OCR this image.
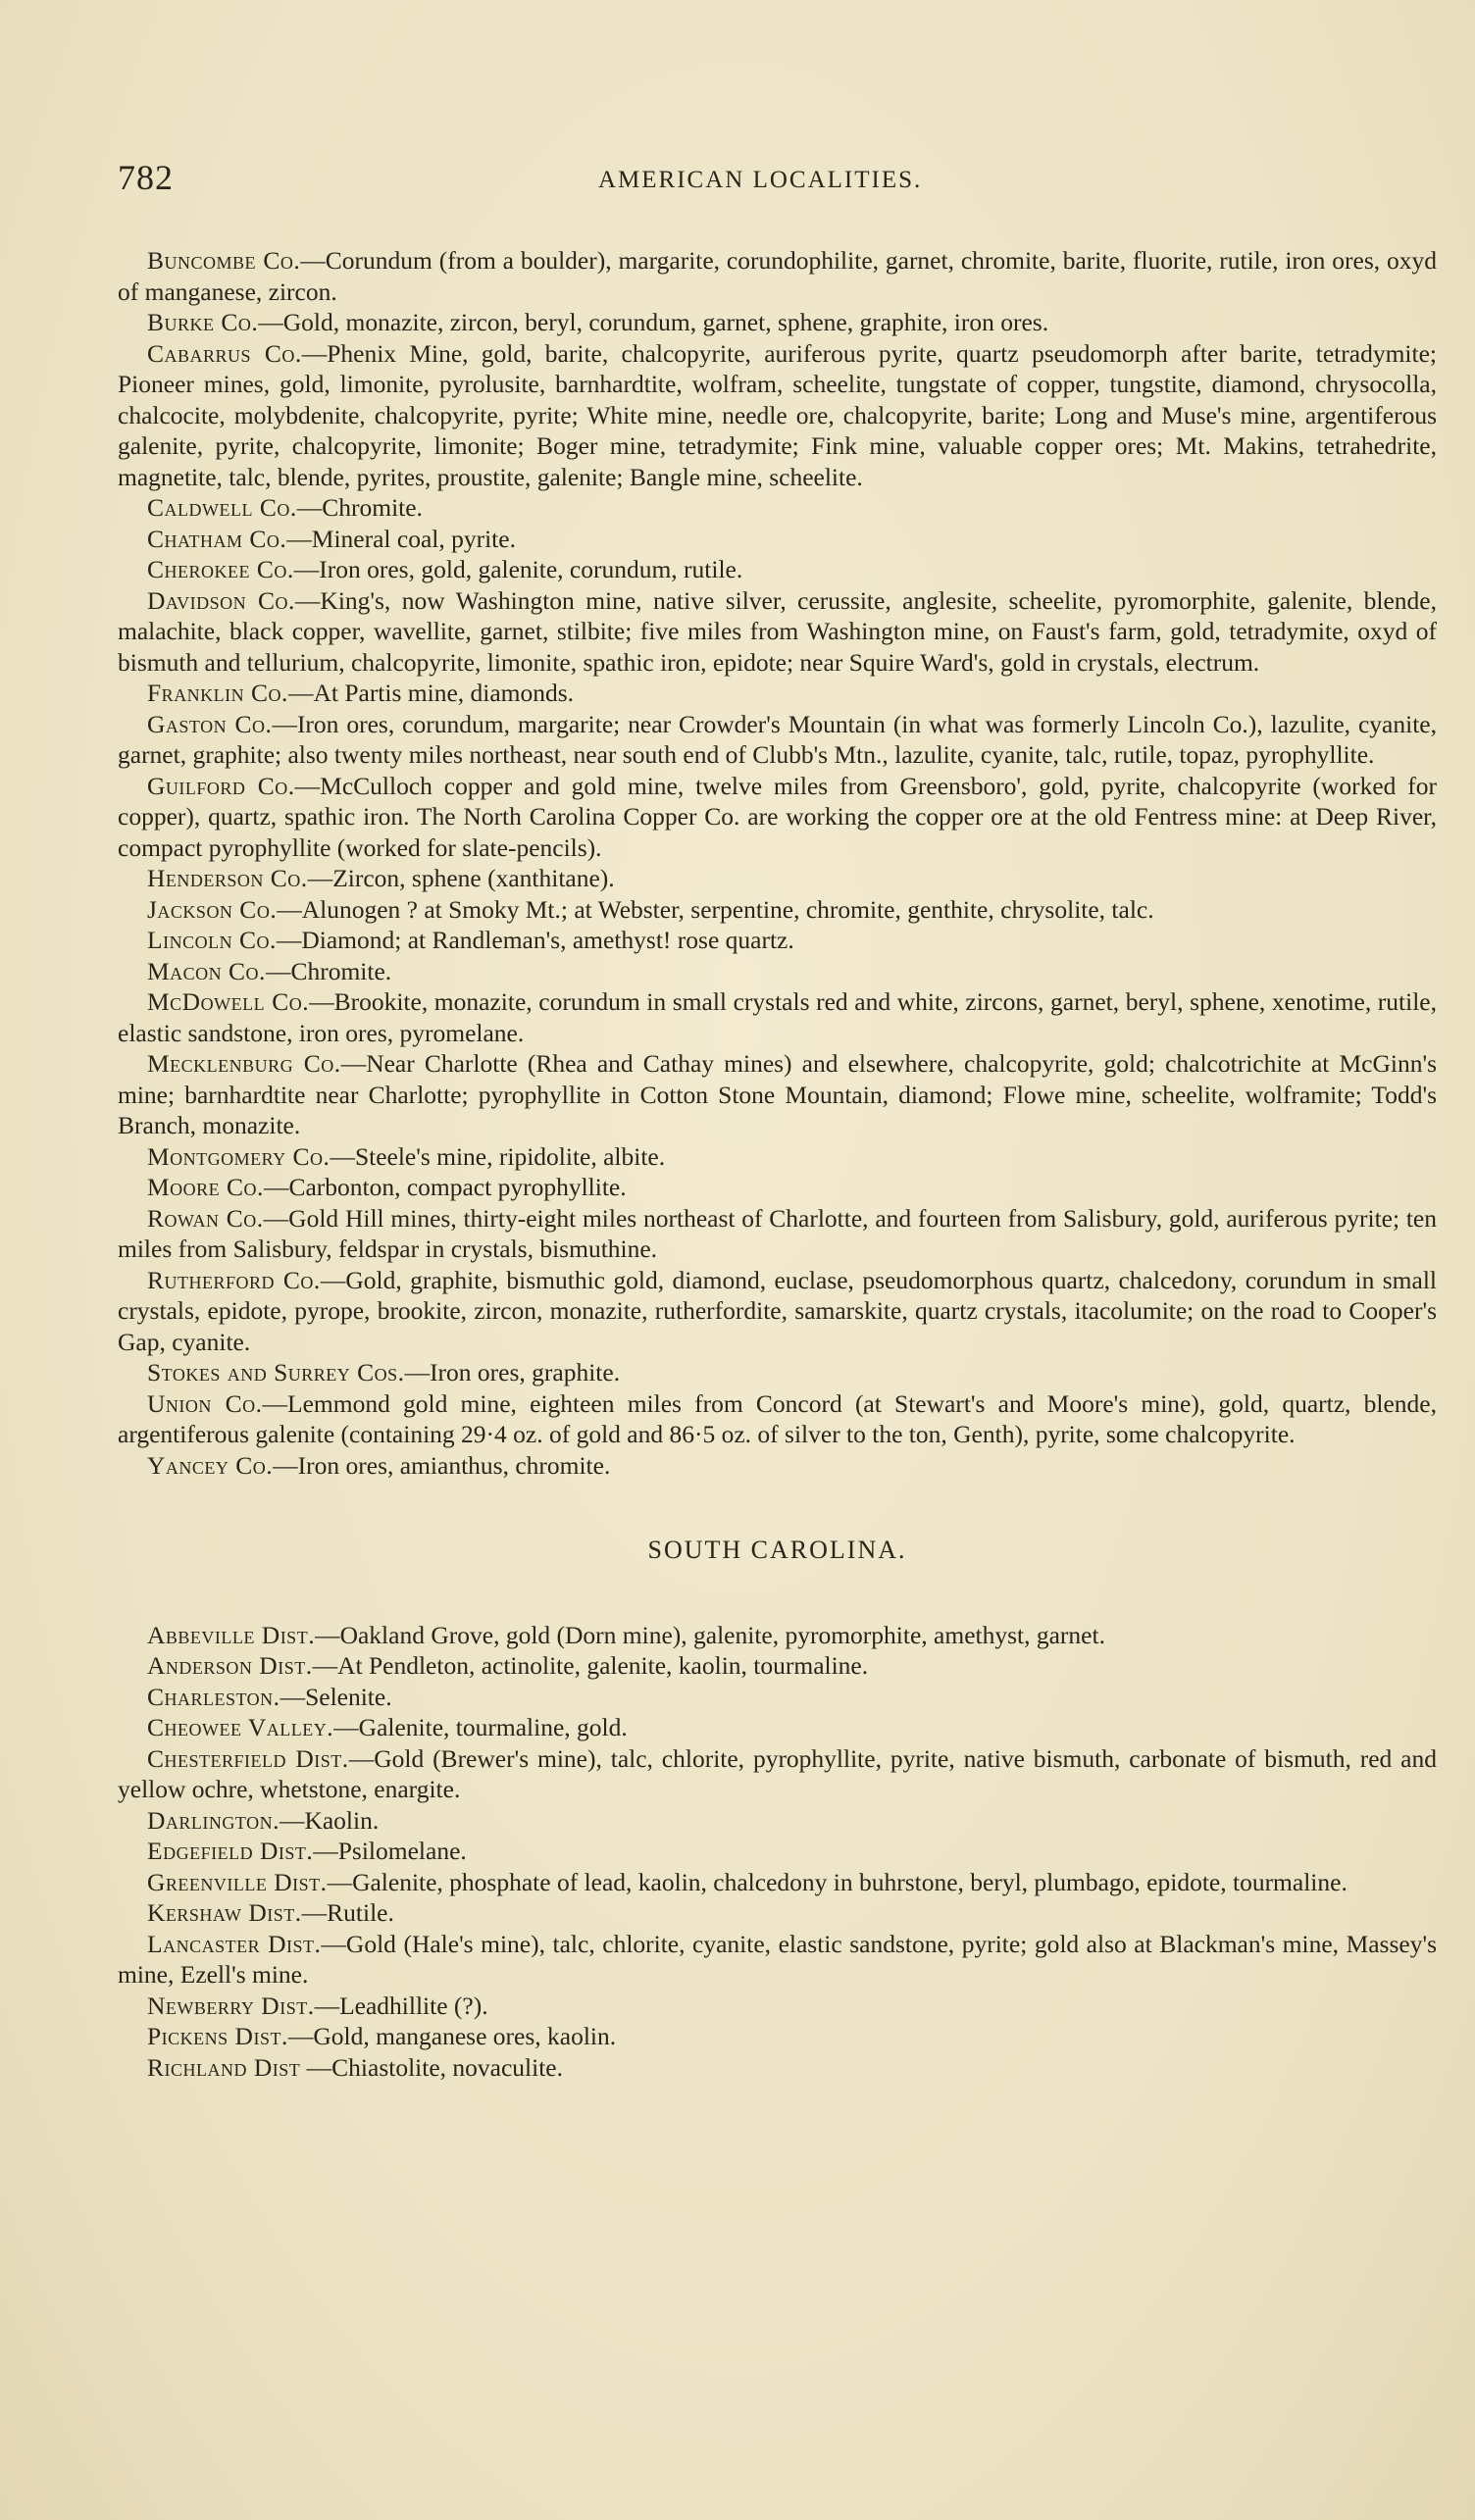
782	AMERICAN LOCALITIES.

Buncombe Co.—Corundum (from a boulder), margarite, corundophilite, garnet, chromite, barite, fluorite, rutile, iron ores, oxyd of manganese, zircon.

Burke Co.—Gold, monazite, zircon, beryl, corundum, garnet, sphene, graphite, iron ores.

Cabarrus Co.—Phenix Mine, gold, barite, chalcopyrite, auriferous pyrite, quartz pseudomorph after barite, tetradymite; Pioneer mines, gold, limonite, pyrolusite, barnhardtite, wolfram, scheelite, tungstate of copper, tungstite, diamond, chrysocolla, chalcocite, molybdenite, chalcopyrite, pyrite; White mine, needle ore, chalcopyrite, barite; Long and Muse's mine, argentiferous galenite, pyrite, chalcopyrite, limonite; Boger mine, tetradymite; Fink mine, valuable copper ores; Mt. Makins, tetrahedrite, magnetite, talc, blende, pyrites, proustite, galenite; Bangle mine, scheelite.

Caldwell Co.—Chromite.

Chatham Co.—Mineral coal, pyrite.

Cherokee Co.—Iron ores, gold, galenite, corundum, rutile.

Davidson Co.—King's, now Washington mine, native silver, cerussite, anglesite, scheelite, pyromorphite, galenite, blende, malachite, black copper, wavellite, garnet, stilbite; five miles from Washington mine, on Faust's farm, gold, tetradymite, oxyd of bismuth and tellurium, chalcopyrite, limonite, spathic iron, epidote; near Squire Ward's, gold in crystals, electrum.

Franklin Co.—At Partis mine, diamonds.

Gaston Co.—Iron ores, corundum, margarite; near Crowder's Mountain (in what was formerly Lincoln Co.), lazulite, cyanite, garnet, graphite; also twenty miles northeast, near south end of Clubb's Mtn., lazulite, cyanite, talc, rutile, topaz, pyrophyllite.

Guilford Co.—McCulloch copper and gold mine, twelve miles from Greensboro', gold, pyrite, chalcopyrite (worked for copper), quartz, spathic iron. The North Carolina Copper Co. are working the copper ore at the old Fentress mine: at Deep River, compact pyrophyllite (worked for slate-pencils).

Henderson Co.—Zircon, sphene (xanthitane).

Jackson Co.—Alunogen ? at Smoky Mt.; at Webster, serpentine, chromite, genthite, chrysolite, talc.

Lincoln Co.—Diamond; at Randleman's, amethyst! rose quartz.

Macon Co.—Chromite.

McDowell Co.—Brookite, monazite, corundum in small crystals red and white, zircons, garnet, beryl, sphene, xenotime, rutile, elastic sandstone, iron ores, pyromelane.

Mecklenburg Co.—Near Charlotte (Rhea and Cathay mines) and elsewhere, chalcopyrite, gold; chalcotrichite at McGinn's mine; barnhardtite near Charlotte; pyrophyllite in Cotton Stone Mountain, diamond; Flowe mine, scheelite, wolframite; Todd's Branch, monazite.

Montgomery Co.—Steele's mine, ripidolite, albite.

Moore Co.—Carbonton, compact pyrophyllite.

Rowan Co.—Gold Hill mines, thirty-eight miles northeast of Charlotte, and fourteen from Salisbury, gold, auriferous pyrite; ten miles from Salisbury, feldspar in crystals, bismuthine.

Rutherford Co.—Gold, graphite, bismuthic gold, diamond, euclase, pseudomorphous quartz, chalcedony, corundum in small crystals, epidote, pyrope, brookite, zircon, monazite, rutherfordite, samarskite, quartz crystals, itacolumite; on the road to Cooper's Gap, cyanite.

Stokes and Surrey Cos.—Iron ores, graphite.

Union Co.—Lemmond gold mine, eighteen miles from Concord (at Stewart's and Moore's mine), gold, quartz, blende, argentiferous galenite (containing 29·4 oz. of gold and 86·5 oz. of silver to the ton, Genth), pyrite, some chalcopyrite.

Yancey Co.—Iron ores, amianthus, chromite.

SOUTH CAROLINA.

Abbeville Dist.—Oakland Grove, gold (Dorn mine), galenite, pyromorphite, amethyst, garnet.

Anderson Dist.—At Pendleton, actinolite, galenite, kaolin, tourmaline.

Charleston.—Selenite.

Cheowee Valley.—Galenite, tourmaline, gold.

Chesterfield Dist.—Gold (Brewer's mine), talc, chlorite, pyrophyllite, pyrite, native bismuth, carbonate of bismuth, red and yellow ochre, whetstone, enargite.

Darlington.—Kaolin.

Edgefield Dist.—Psilomelane.

Greenville Dist.—Galenite, phosphate of lead, kaolin, chalcedony in buhrstone, beryl, plumbago, epidote, tourmaline.

Kershaw Dist.—Rutile.

Lancaster Dist.—Gold (Hale's mine), talc, chlorite, cyanite, elastic sandstone, pyrite; gold also at Blackman's mine, Massey's mine, Ezell's mine.

Newberry Dist.—Leadhillite (?).

Pickens Dist.—Gold, manganese ores, kaolin.

Richland Dist —Chiastolite, novaculite.
